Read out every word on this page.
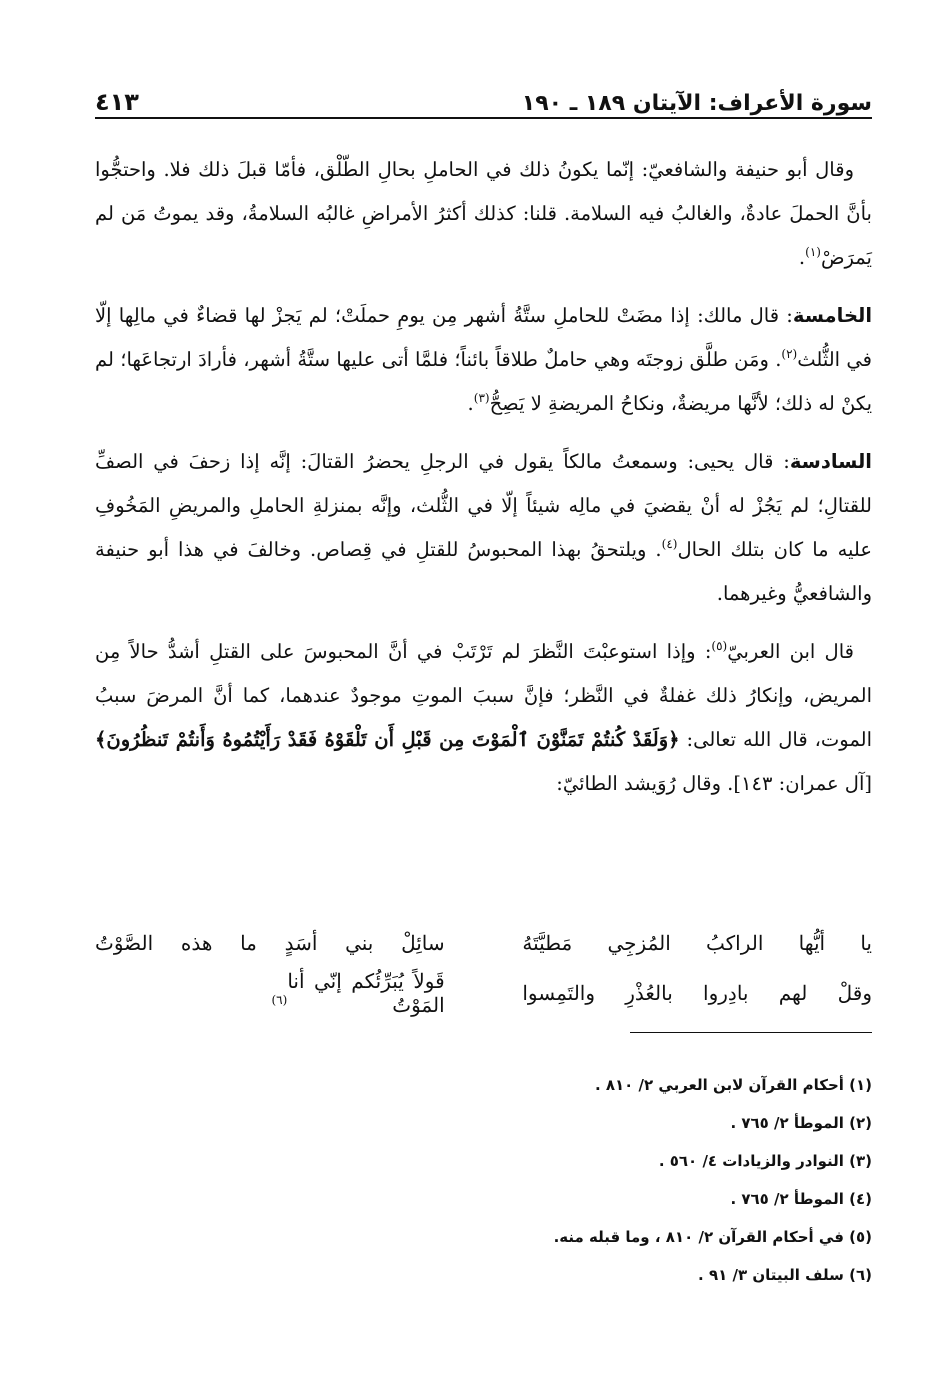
سورة الأعراف: الآيتان ١٨٩ ـ ١٩٠
٤١٣

وقال أبو حنيفة والشافعيّ: إنّما يكونُ ذلك في الحاملِ بحالِ الطّلْق، فأمّا قبلَ ذلك فلا. واحتجُّوا بأنَّ الحملَ عادةٌ، والغالبُ فيه السلامة. قلنا: كذلك أكثرُ الأمراضِ غالبُه السلامةُ، وقد يموتُ مَن لم يَمرَضْ$^{(١)}$.

الخامسة: قال مالك: إذا مضَتْ للحاملِ ستَّةُ أشهر مِن يومِ حملَتْ؛ لم يَجزْ لها قضاءٌ في مالِها إلّا في الثُّلث$^{(٢)}$. ومَن طلَّق زوجتَه وهي حاملٌ طلاقاً بائناً؛ فلمَّا أتى عليها ستَّةُ أشهر، فأرادَ ارتجاعَها؛ لم يكنْ له ذلك؛ لأنَّها مريضةٌ، ونكاحُ المريضةِ لا يَصِحُّ$^{(٣)}$.

السادسة: قال يحيى: وسمعتُ مالكاً يقول في الرجلِ يحضرُ القتالَ: إنَّه إذا زحفَ في الصفِّ للقتالِ؛ لم يَجُزْ له أنْ يقضيَ في مالِه شيئاً إلّا في الثُّلث، وإنَّه بمنزلةِ الحاملِ والمريضِ المَخُوفِ عليه ما كان بتلك الحال$^{(٤)}$. ويلتحقُ بهذا المحبوسُ للقتلِ في قِصاص. وخالفَ في هذا أبو حنيفة والشافعيُّ وغيرهما.

قال ابن العربيّ$^{(٥)}$: وإذا استوعبْتَ النَّظرَ لم تَرْتَبْ في أنَّ المحبوسَ على القتلِ أشدُّ حالاً مِن المريض، وإنكارُ ذلك غفلةٌ في النَّظر؛ فإنَّ سببَ الموتِ موجودٌ عندهما، كما أنَّ المرضَ سببُ الموت، قال الله تعالى: ﴿وَلَقَدْ كُنتُمْ تَمَنَّوْنَ ٱلْمَوْتَ مِن قَبْلِ أَن تَلْقَوْهُ فَقَدْ رَأَيْتُمُوهُ وَأَنتُمْ تَنظُرُونَ﴾ [آل عمران: ١٤٣]. وقال رُوَيشد الطائيّ:

يا أيُّها الراكبُ المُزجِي مَطيَّتَهُ
سائِلْ بني أسَدٍ ما هذه الصَّوْتُ
وقلْ لهم بادِروا بالعُذْرِ والتَمِسوا
قَولاً يُبَرِّئُكم إنّي أنا المَوْتُ$^{(٦)}$
(١) أحكام القرآن لابن العربي ٢/ ٨١٠ .
(٢) الموطأ ٢/ ٧٦٥ .
(٣) النوادر والزيادات ٤/ ٥٦٠ .
(٤) الموطأ ٢/ ٧٦٥ .
(٥) في أحكام القرآن ٢/ ٨١٠ ، وما قبله منه.
(٦) سلف البيتان ٣/ ٩١ .
